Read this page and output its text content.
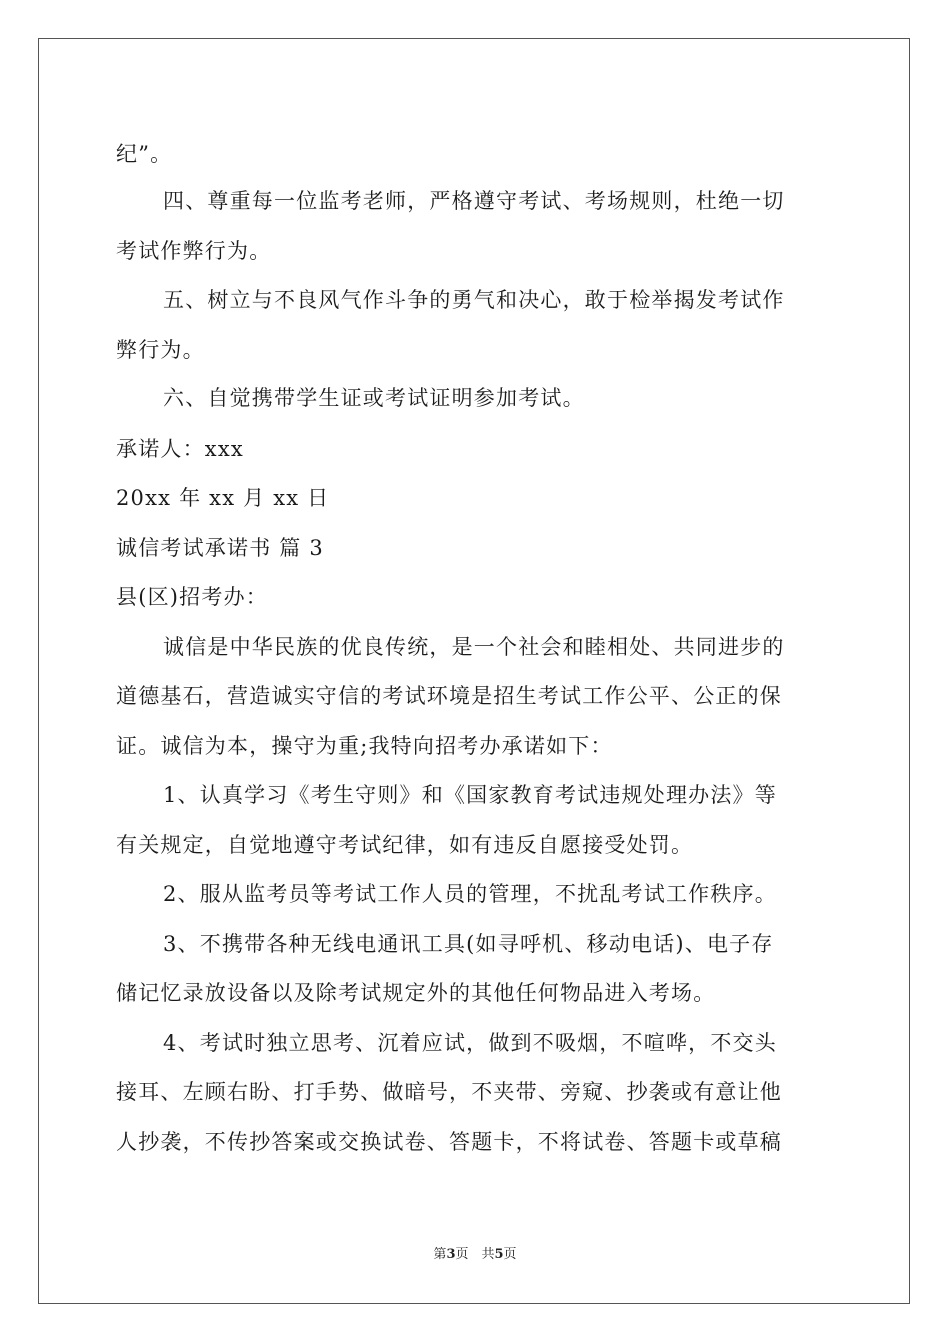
纪”。
四、尊重每一位监考老师，严格遵守考试、考场规则，杜绝一切
考试作弊行为。
五、树立与不良风气作斗争的勇气和决心，敢于检举揭发考试作
弊行为。
六、自觉携带学生证或考试证明参加考试。
承诺人：xxx
20xx 年 xx 月 xx 日
诚信考试承诺书 篇 3
县(区)招考办：
诚信是中华民族的优良传统，是一个社会和睦相处、共同进步的
道德基石，营造诚实守信的考试环境是招生考试工作公平、公正的保
证。诚信为本，操守为重;我特向招考办承诺如下：
1、认真学习《考生守则》和《国家教育考试违规处理办法》等
有关规定，自觉地遵守考试纪律，如有违反自愿接受处罚。
2、服从监考员等考试工作人员的管理，不扰乱考试工作秩序。
3、不携带各种无线电通讯工具(如寻呼机、移动电话)、电子存
储记忆录放设备以及除考试规定外的其他任何物品进入考场。
4、考试时独立思考、沉着应试，做到不吸烟，不喧哗，不交头
接耳、左顾右盼、打手势、做暗号，不夹带、旁窥、抄袭或有意让他
人抄袭，不传抄答案或交换试卷、答题卡，不将试卷、答题卡或草稿
第3页　共5页
